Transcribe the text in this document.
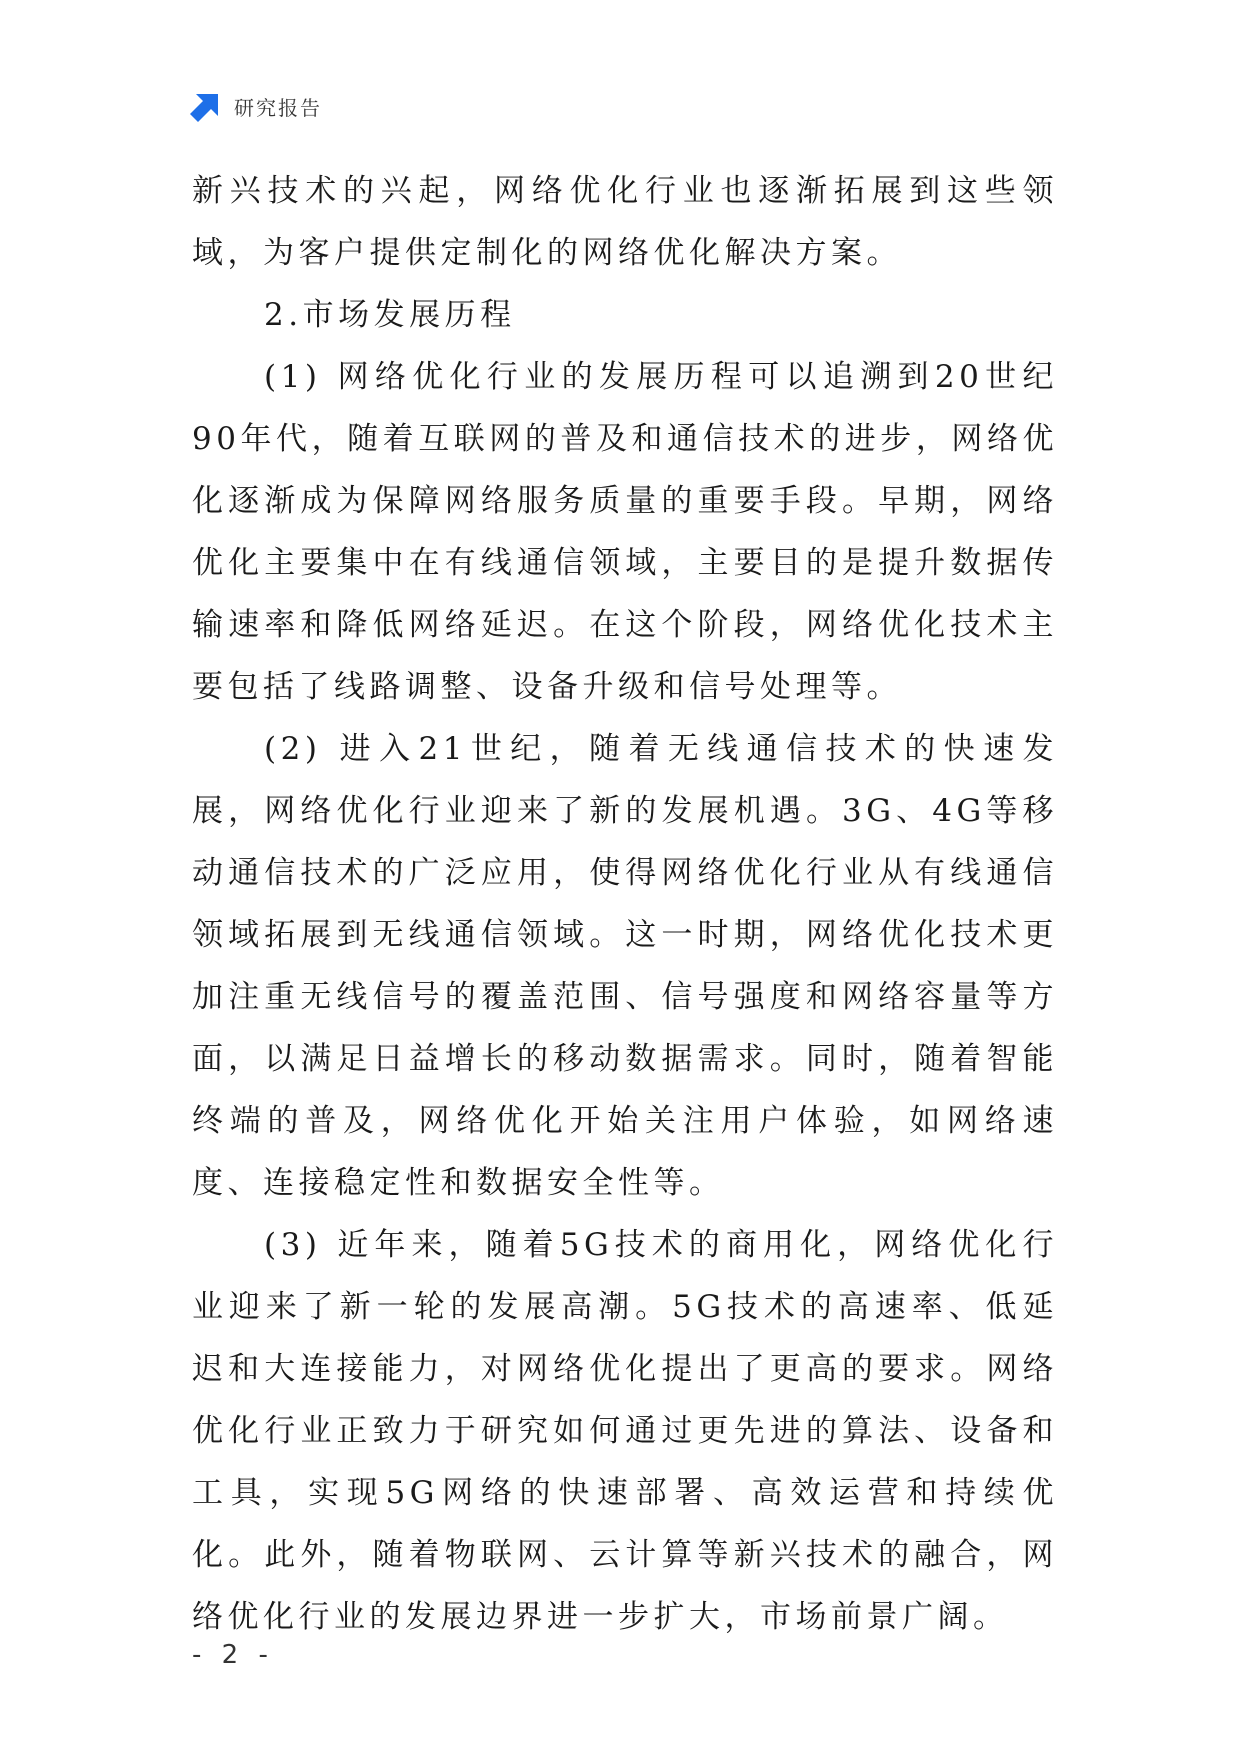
研究报告

新兴技术的兴起，网络优化行业也逐渐拓展到这些领域，为客户提供定制化的网络优化解决方案。

2.市场发展历程

(1) 网络优化行业的发展历程可以追溯到20世纪90年代，随着互联网的普及和通信技术的进步，网络优化逐渐成为保障网络服务质量的重要手段。早期，网络优化主要集中在有线通信领域，主要目的是提升数据传输速率和降低网络延迟。在这个阶段，网络优化技术主要包括了线路调整、设备升级和信号处理等。

(2) 进入21世纪，随着无线通信技术的快速发展，网络优化行业迎来了新的发展机遇。3G、4G等移动通信技术的广泛应用，使得网络优化行业从有线通信领域拓展到无线通信领域。这一时期，网络优化技术更加注重无线信号的覆盖范围、信号强度和网络容量等方面，以满足日益增长的移动数据需求。同时，随着智能终端的普及，网络优化开始关注用户体验，如网络速度、连接稳定性和数据安全性等。

(3) 近年来，随着5G技术的商用化，网络优化行业迎来了新一轮的发展高潮。5G技术的高速率、低延迟和大连接能力，对网络优化提出了更高的要求。网络优化行业正致力于研究如何通过更先进的算法、设备和工具，实现5G网络的快速部署、高效运营和持续优化。此外，随着物联网、云计算等新兴技术的融合，网络优化行业的发展边界进一步扩大，市场前景广阔。

- 2 -
